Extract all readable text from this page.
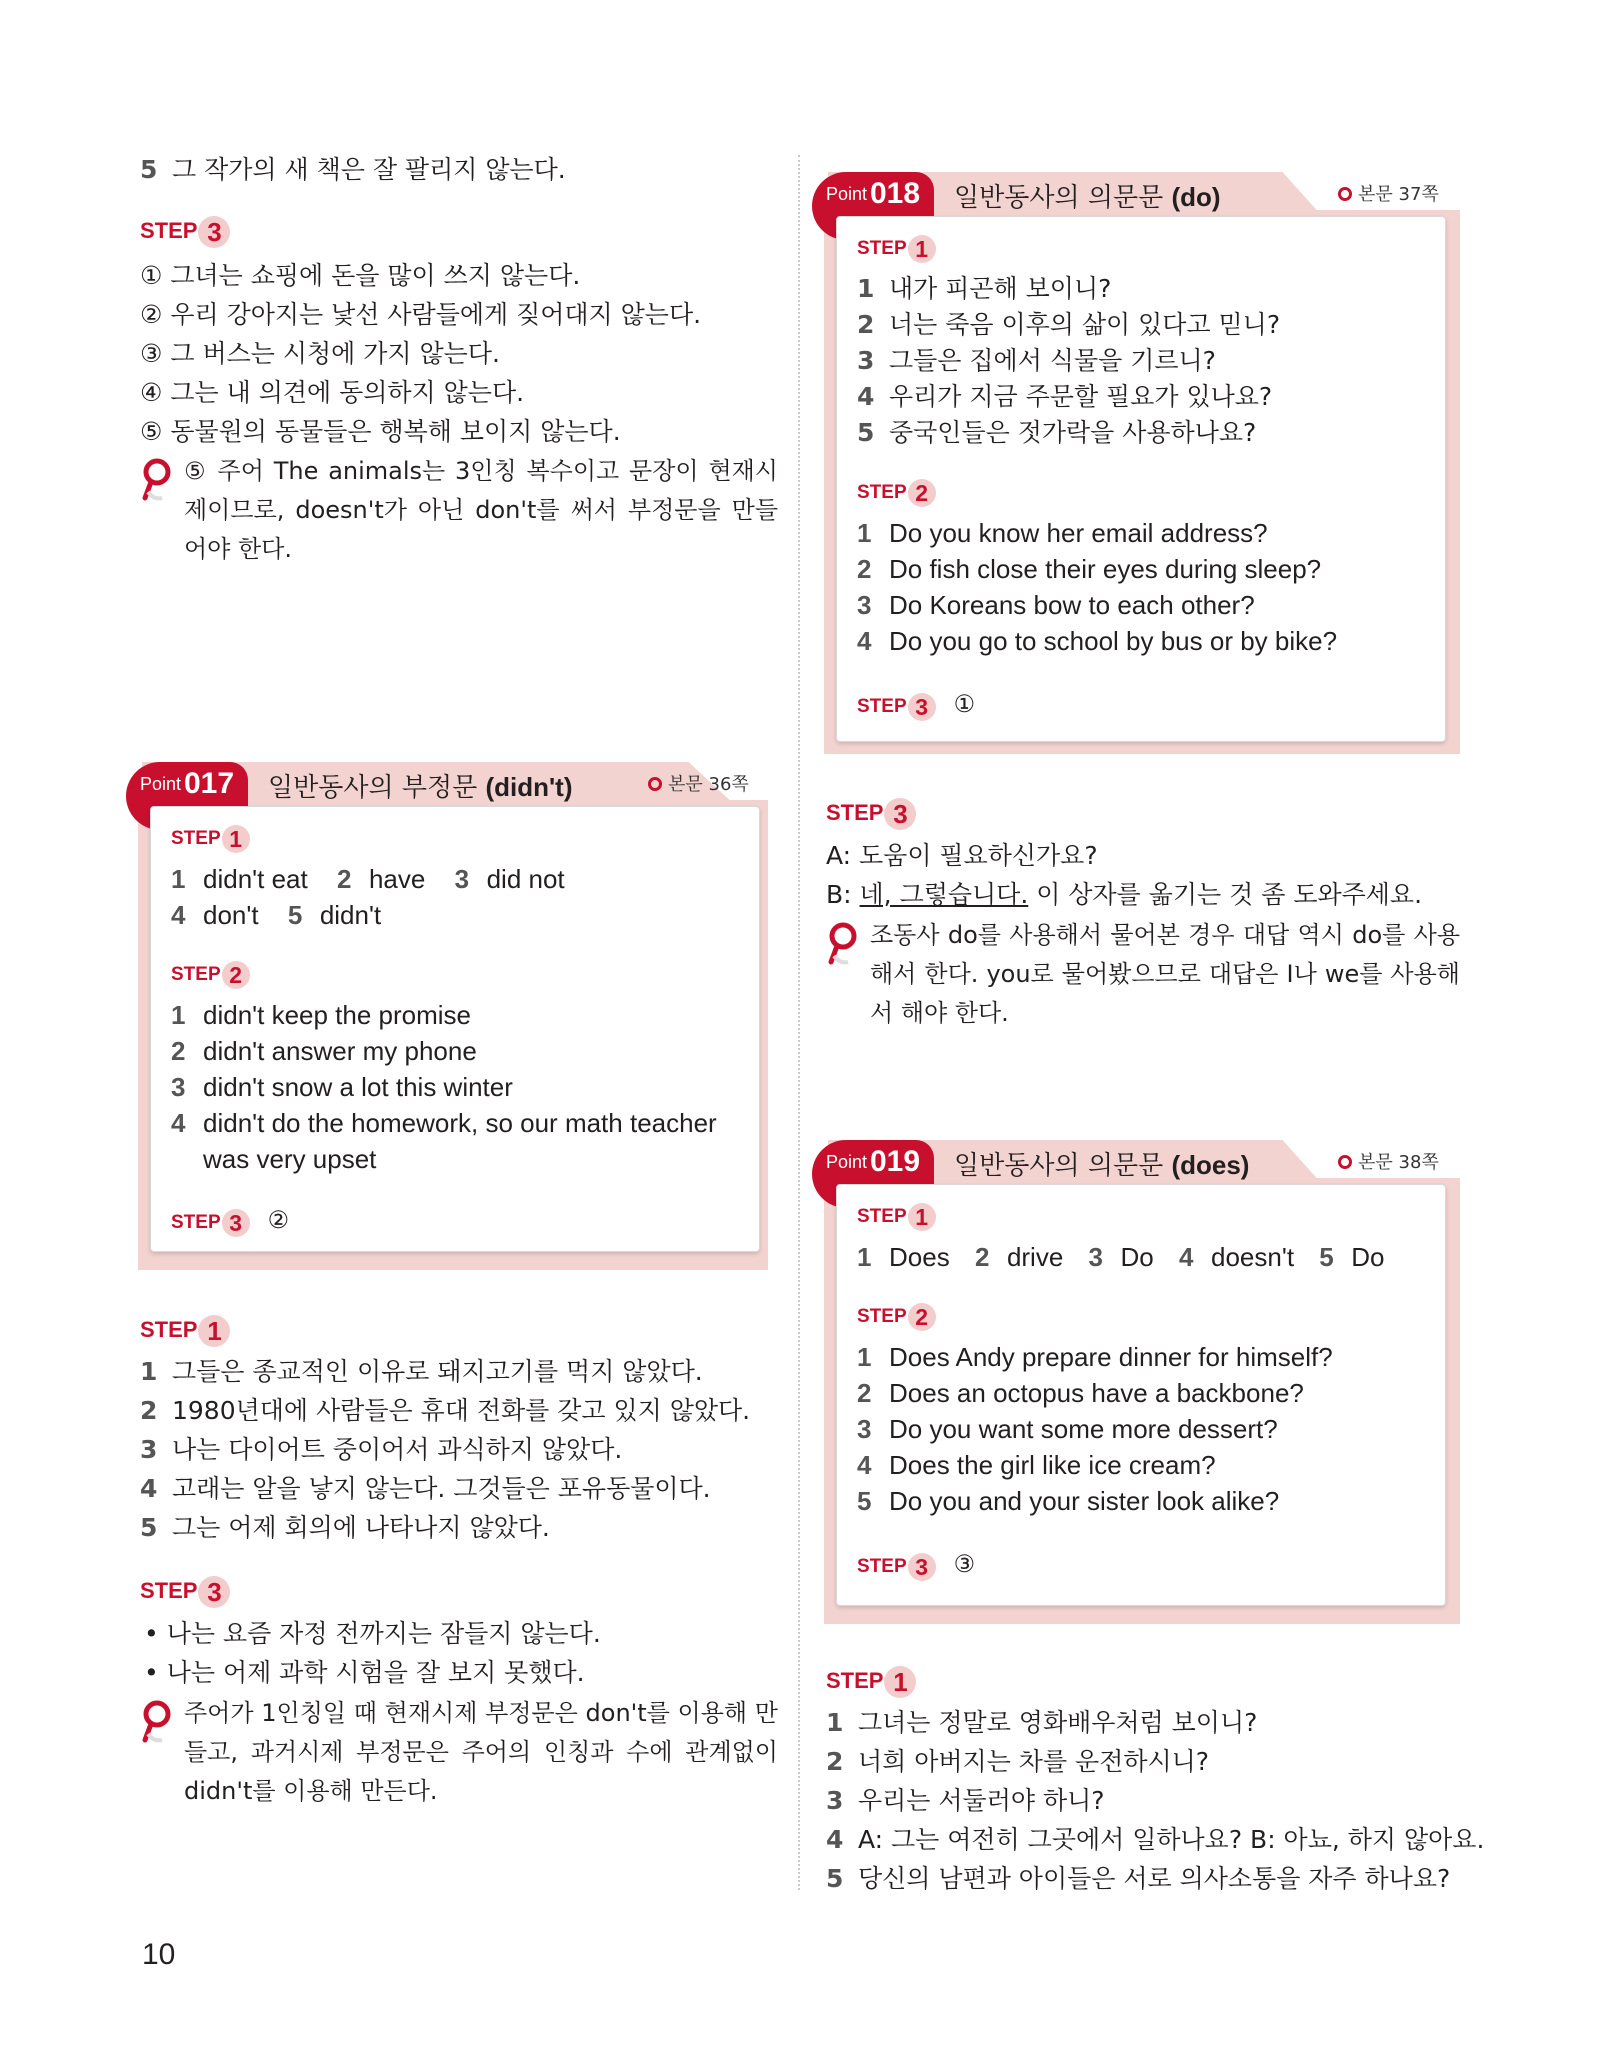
5 그 작가의 새 책은 잘 팔리지 않는다.
STEP 3
① 그녀는 쇼핑에 돈을 많이 쓰지 않는다.
② 우리 강아지는 낯선 사람들에게 짖어대지 않는다.
③ 그 버스는 시청에 가지 않는다.
④ 그는 내 의견에 동의하지 않는다.
⑤ 동물원의 동물들은 행복해 보이지 않는다.
⑤ 주어 The animals는 3인칭 복수이고 문장이 현재시제이므로, doesn't가 아닌 don't를 써서 부정문을 만들어야 한다.
Point 017 일반동사의 부정문 (didn't)	본문 36쪽
STEP 1
1 didn't eat 2 have 3 did not
4 don't 5 didn't
STEP 2
1 didn't keep the promise
2 didn't answer my phone
3 didn't snow a lot this winter
4 didn't do the homework, so our math teacher
was very upset
STEP 3 ②
STEP 1
1 그들은 종교적인 이유로 돼지고기를 먹지 않았다.
2 1980년대에 사람들은 휴대 전화를 갖고 있지 않았다.
3 나는 다이어트 중이어서 과식하지 않았다.
4 고래는 알을 낳지 않는다. 그것들은 포유동물이다.
5 그는 어제 회의에 나타나지 않았다.
STEP 3
• 나는 요즘 자정 전까지는 잠들지 않는다.
• 나는 어제 과학 시험을 잘 보지 못했다.
주어가 1인칭일 때 현재시제 부정문은 don't를 이용해 만들고, 과거시제 부정문은 주어의 인칭과 수에 관계없이 didn't를 이용해 만든다.
Point 018 일반동사의 의문문 (do)	본문 37쪽
STEP 1
1 내가 피곤해 보이니?
2 너는 죽음 이후의 삶이 있다고 믿니?
3 그들은 집에서 식물을 기르니?
4 우리가 지금 주문할 필요가 있나요?
5 중국인들은 젓가락을 사용하나요?
STEP 2
1 Do you know her email address?
2 Do fish close their eyes during sleep?
3 Do Koreans bow to each other?
4 Do you go to school by bus or by bike?
STEP 3 ①
STEP 3
A: 도움이 필요하신가요?
B: 네, 그렇습니다. 이 상자를 옮기는 것 좀 도와주세요.
조동사 do를 사용해서 물어본 경우 대답 역시 do를 사용해서 한다. you로 물어봤으므로 대답은 I나 we를 사용해서 해야 한다.
Point 019 일반동사의 의문문 (does)	본문 38쪽
STEP 1
1 Does 2 drive 3 Do 4 doesn't 5 Do
STEP 2
1 Does Andy prepare dinner for himself?
2 Does an octopus have a backbone?
3 Do you want some more dessert?
4 Does the girl like ice cream?
5 Do you and your sister look alike?
STEP 3 ③
STEP 1
1 그녀는 정말로 영화배우처럼 보이니?
2 너희 아버지는 차를 운전하시니?
3 우리는 서둘러야 하니?
4 A: 그는 여전히 그곳에서 일하나요? B: 아뇨, 하지 않아요.
5 당신의 남편과 아이들은 서로 의사소통을 자주 하나요?
10
